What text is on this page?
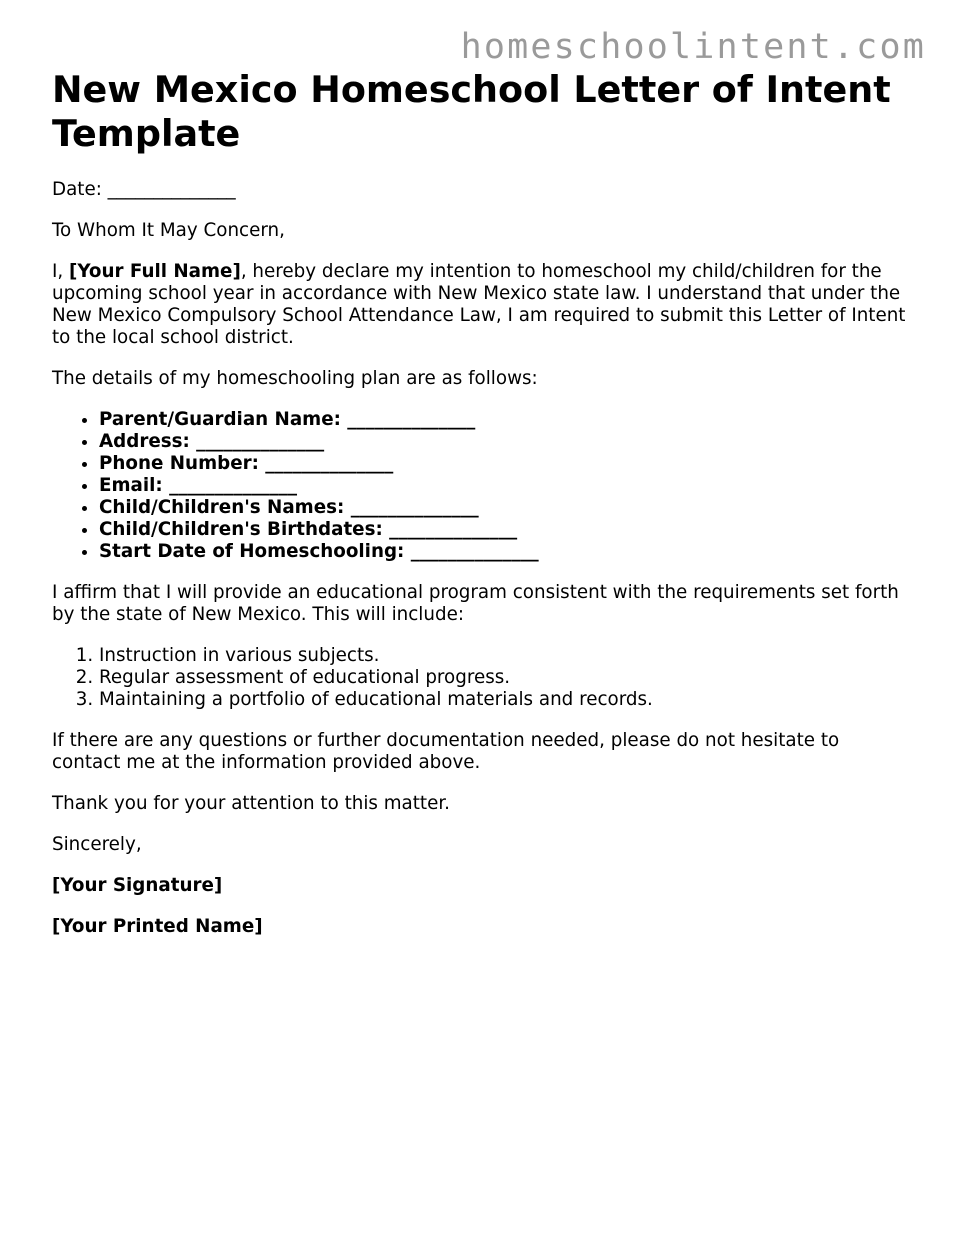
homeschoolintent.com
New Mexico Homeschool Letter of Intent Template

Date: ______________

To Whom It May Concern,

I, [Your Full Name], hereby declare my intention to homeschool my child/children for the upcoming school year in accordance with New Mexico state law. I understand that under the New Mexico Compulsory School Attendance Law, I am required to submit this Letter of Intent to the local school district.

The details of my homeschooling plan are as follows:

• Parent/Guardian Name: ______________
• Address: ______________
• Phone Number: ______________
• Email: ______________
• Child/Children's Names: ______________
• Child/Children's Birthdates: ______________
• Start Date of Homeschooling: ______________

I affirm that I will provide an educational program consistent with the requirements set forth by the state of New Mexico. This will include:

1. Instruction in various subjects.
2. Regular assessment of educational progress.
3. Maintaining a portfolio of educational materials and records.

If there are any questions or further documentation needed, please do not hesitate to contact me at the information provided above.

Thank you for your attention to this matter.

Sincerely,

[Your Signature]

[Your Printed Name]
